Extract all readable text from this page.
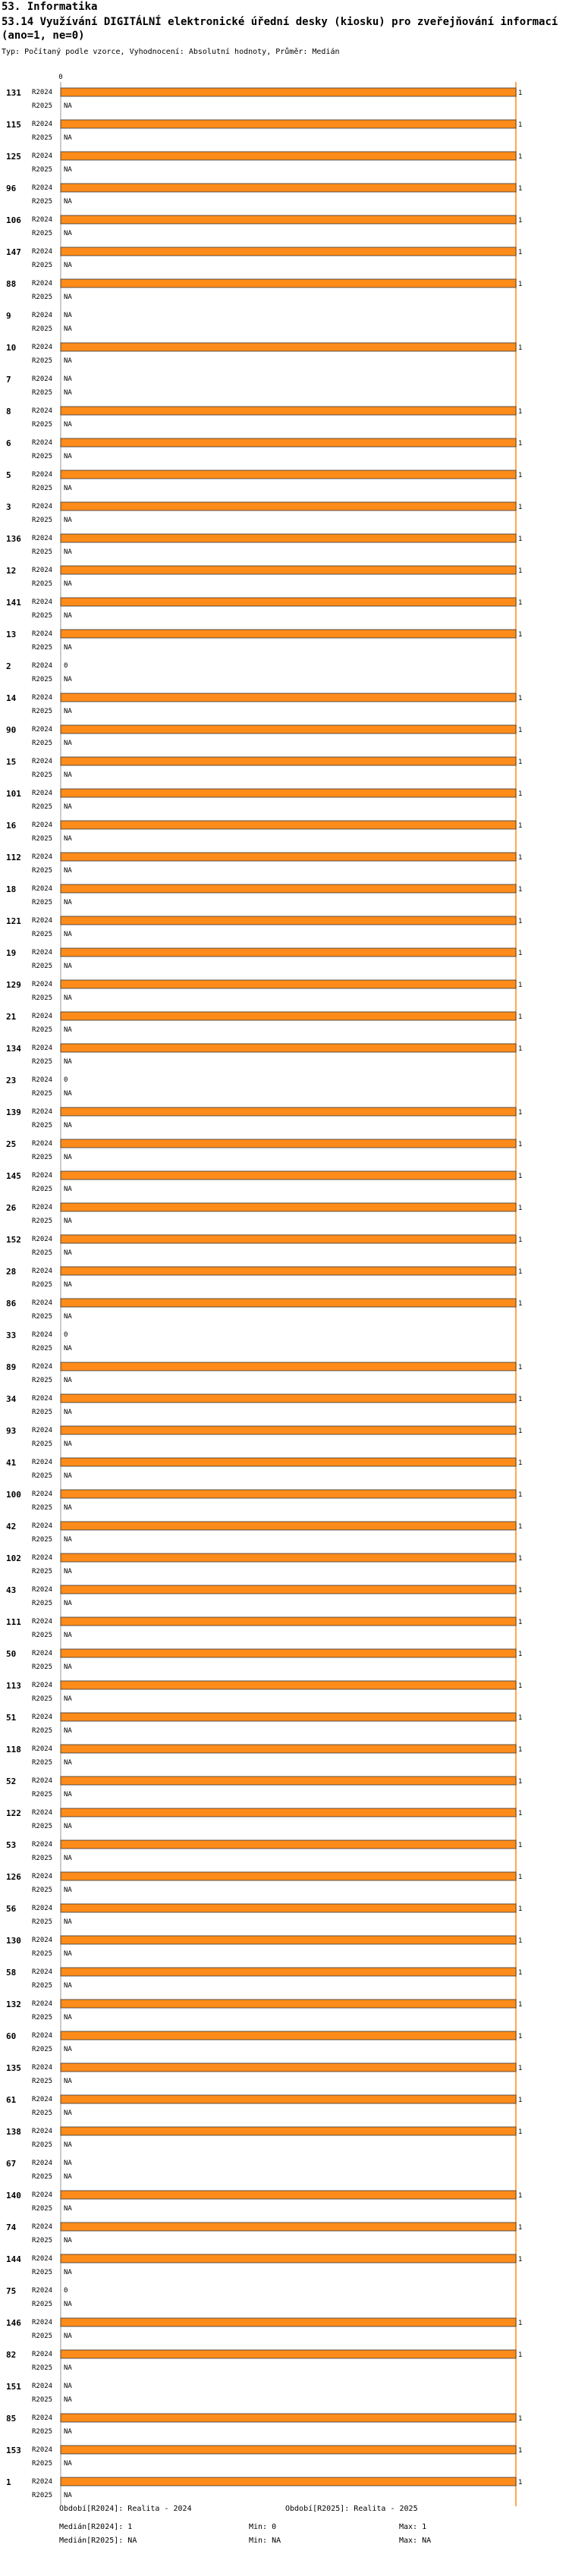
53. Informatika
53.14 Využívání DIGITÁLNÍ elektronické úřední desky (kiosku) pro zveřejňování informací (ano=1, ne=0)
Typ: Počítaný podle vzorce, Vyhodnocení: Absolutní hodnoty, Průměr: Medián
0
131 R2024	1
R2025 NA
115 R2024	1
R2025 NA
125 R2024	1
R2025 NA
96 R2024	1
R2025 NA
106 R2024	1
R2025 NA
147 R2024	1
R2025 NA
88 R2024	1
R2025 NA
9	R2024 NA
R2025 NA
10 R2024	1
R2025 NA
7	R2024 NA
R2025 NA
8	R2024	1
R2025 NA
6	R2024	1
R2025 NA
5	R2024	1
R2025 NA
3	R2024	1
R2025 NA
136 R2024	1
R2025 NA
12 R2024	1
R2025 NA
141 R2024	1
R2025 NA
13 R2024	1
R2025 NA
2	R2024 0
R2025 NA
14 R2024	1
R2025 NA
90 R2024	1
R2025 NA
15 R2024	1
R2025 NA
101 R2024	1
R2025 NA
16 R2024	1
R2025 NA
112 R2024	1
R2025 NA
18 R2024	1
R2025 NA
121 R2024	1
R2025 NA
19 R2024	1
R2025 NA
129 R2024	1
R2025 NA
21 R2024	1
R2025 NA
134 R2024	1
R2025 NA
23 R2024 0
R2025 NA
139 R2024	1
R2025 NA
25 R2024	1
R2025 NA
145 R2024	1
R2025 NA
26 R2024	1
R2025 NA
152 R2024	1
R2025 NA
28 R2024	1
R2025 NA
86 R2024	1
R2025 NA
33 R2024 0
R2025 NA
89 R2024	1
R2025 NA
34 R2024	1
R2025 NA
93 R2024	1
R2025 NA
41 R2024	1
R2025 NA
100 R2024	1
R2025 NA
42 R2024	1
R2025 NA
102 R2024	1
R2025 NA
43 R2024	1
R2025 NA
111 R2024	1
R2025 NA
50 R2024	1
R2025 NA
113 R2024	1
R2025 NA
51 R2024	1
R2025 NA
118 R2024	1
R2025 NA
52 R2024	1
R2025 NA
122 R2024	1
R2025 NA
53 R2024	1
R2025 NA
126 R2024	1
R2025 NA
56 R2024	1
R2025 NA
130 R2024	1
R2025 NA
58 R2024	1
R2025 NA
132 R2024	1
R2025 NA
60 R2024	1
R2025 NA
135 R2024	1
R2025 NA
61 R2024	1
R2025 NA
138 R2024	1
R2025 NA
67 R2024 NA
R2025 NA
140 R2024	1
R2025 NA
74 R2024	1
R2025 NA
144 R2024	1
R2025 NA
75 R2024 0
R2025 NA
146 R2024	1
R2025 NA
82 R2024	1
R2025 NA
151 R2024 NA
R2025 NA
85 R2024	1
R2025 NA
153 R2024	1
R2025 NA
1	R2024	1
R2025 NA
Období[R2024]: Realita - 2024	Období[R2025]: Realita - 2025
Medián[R2024]: 1	Min: 0	Max: 1
Medián[R2025]: NA	Min: NA	Max: NA
